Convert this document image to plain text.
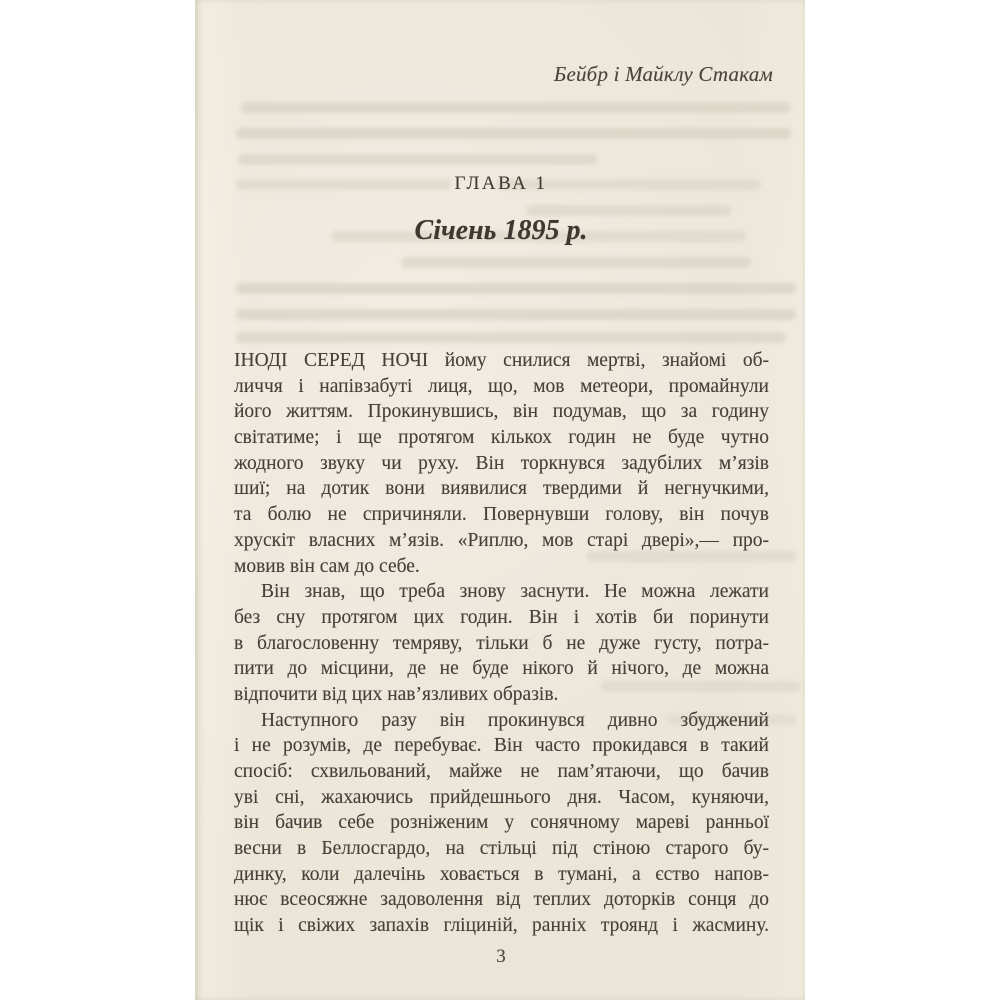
Бейбр і Майклу Стакам
ГЛАВА 1
Січень 1895 р.
ІНОДІ СЕРЕД НОЧІ йому снилися мертві, знайомі об-
личчя і напівзабуті лиця, що, мов метеори, промайнули
його життям. Прокинувшись, він подумав, що за годину
світатиме; і ще протягом кількох годин не буде чутно
жодного звуку чи руху. Він торкнувся задубілих м’язів
шиї; на дотик вони виявилися твердими й негнучкими,
та болю не спричиняли. Повернувши голову, він почув
хрускіт власних м’язів. «Риплю, мов старі двері»,— про-
мовив він сам до себе.
Він знав, що треба знову заснути. Не можна лежати
без сну протягом цих годин. Він і хотів би поринути
в благословенну темряву, тільки б не дуже густу, потра-
пити до місцини, де не буде нікого й нічого, де можна
відпочити від цих нав’язливих образів.
Наступного разу він прокинувся дивно збуджений
і не розумів, де перебуває. Він часто прокидався в такий
спосіб: схвильований, майже не пам’ятаючи, що бачив
уві сні, жахаючись прийдешнього дня. Часом, куняючи,
він бачив себе розніженим у сонячному мареві ранньої
весни в Беллосгардо, на стільці під стіною старого бу-
динку, коли далечінь ховається в тумані, а єство напов-
нює всеосяжне задоволення від теплих доторків сонця до
щік і свіжих запахів гліциній, ранніх троянд і жасмину.
3
